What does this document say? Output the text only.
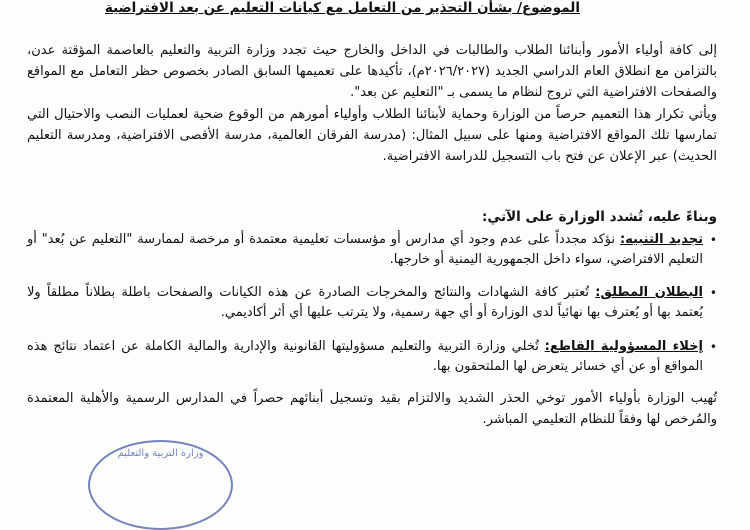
الموضوع/ بشأن التحذير من التعامل مع كيانات التعليم عن بعد الافتراضية
إلى كافة أولياء الأمور وأبنائنا الطلاب والطالبات في الداخل والخارج حيث تجدد وزارة التربية والتعليم بالعاصمة المؤقتة عدن، بالتزامن مع انطلاق العام الدراسي الجديد (٢٠٢٦/٢٠٢٧م)، تأكيدها على تعميمها السابق الصادر بخصوص حظر التعامل مع المواقع والصفحات الافتراضية التي تروج لنظام ما يسمى بـ "التعليم عن بعد".
ويأتي تكرار هذا التعميم حرصاً من الوزارة وحماية لأبنائنا الطلاب وأولياء أمورهم من الوقوع ضحية لعمليات النصب والاحتيال التي تمارسها تلك المواقع الافتراضية ومنها على سبيل المثال: (مدرسة الفرقان العالمية، مدرسة الأقصى الافتراضية، ومدرسة التعليم الحديث) عبر الإعلان عن فتح باب التسجيل للدراسة الافتراضية.
وبناءً عليه، تُشدد الوزارة على الآتي:
•
تجديد التنبيه: نؤكد مجدداً على عدم وجود أي مدارس أو مؤسسات تعليمية معتمدة أو مرخصة لممارسة "التعليم عن بُعد" أو التعليم الافتراضي، سواء داخل الجمهورية اليمنية أو خارجها.
•
البطلان المطلق: تُعتبر كافة الشهادات والنتائج والمخرجات الصادرة عن هذه الكيانات والصفحات باطلة بطلاناً مطلقاً ولا يُعتمد بها أو يُعترف بها نهائياً لدى الوزارة أو أي جهة رسمية، ولا يترتب عليها أي أثر أكاديمي.
•
إخلاء المسؤولية القاطع: تُخلي وزارة التربية والتعليم مسؤوليتها القانونية والإدارية والمالية الكاملة عن اعتماد نتائج هذه المواقع أو عن أي خسائر يتعرض لها الملتحقون بها.
تُهيب الوزارة بأولياء الأمور توخي الحذر الشديد والالتزام بقيد وتسجيل أبنائهم حصراً في المدارس الرسمية والأهلية المعتمدة والمُرخص لها وفقاً للنظام التعليمي المباشر.
وزارة التربية والتعليم
